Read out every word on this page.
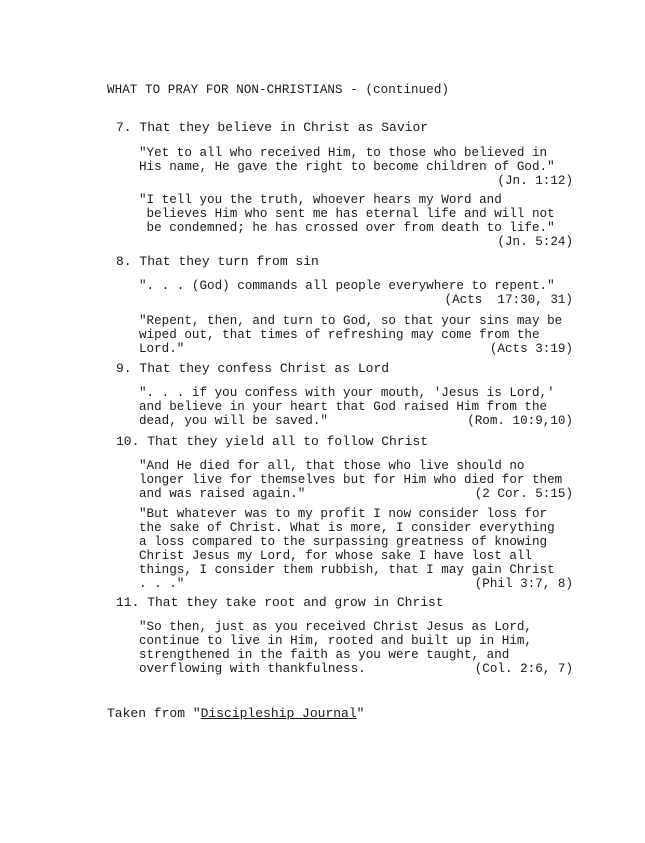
WHAT TO PRAY FOR NON-CHRISTIANS - (continued)
7. That they believe in Christ as Savior
"Yet to all who received Him, to those who believed in
His name, He gave the right to become children of God."
(Jn. 1:12)
"I tell you the truth, whoever hears my Word and
believes Him who sent me has eternal life and will not
be condemned; he has crossed over from death to life."
(Jn. 5:24)
8. That they turn from sin
". . . (God) commands all people everywhere to repent."
(Acts  17:30, 31)
"Repent, then, and turn to God, so that your sins may be
wiped out, that times of refreshing may come from the
Lord."	(Acts 3:19)
9. That they confess Christ as Lord
". . . if you confess with your mouth, 'Jesus is Lord,'
and believe in your heart that God raised Him from the
dead, you will be saved."	(Rom. 10:9,10)
10. That they yield all to follow Christ
"And He died for all, that those who live should no
longer live for themselves but for Him who died for them
and was raised again."	(2 Cor. 5:15)
"But whatever was to my profit I now consider loss for
the sake of Christ. What is more, I consider everything
a loss compared to the surpassing greatness of knowing
Christ Jesus my Lord, for whose sake I have lost all
things, I consider them rubbish, that I may gain Christ
. . ."	(Phil 3:7, 8)
11. That they take root and grow in Christ
"So then, just as you received Christ Jesus as Lord,
continue to live in Him, rooted and built up in Him,
strengthened in the faith as you were taught, and
overflowing with thankfulness.	(Col. 2:6, 7)
Taken from "Discipleship Journal"
